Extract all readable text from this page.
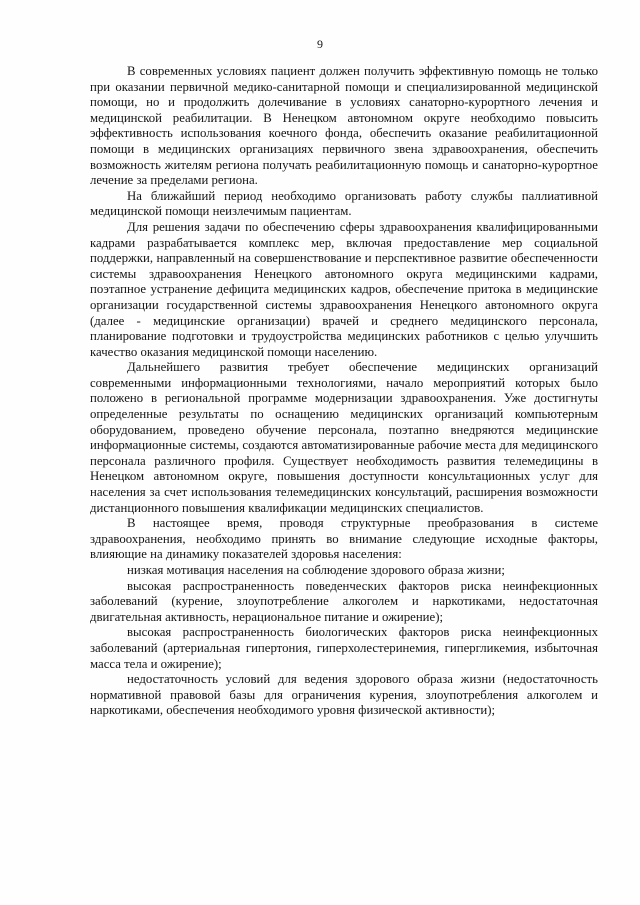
9

В современных условиях пациент должен получить эффективную помощь не только при оказании первичной медико-санитарной помощи и специализированной медицинской помощи, но и продолжить долечивание в условиях санаторно-курортного лечения и медицинской реабилитации. В Ненецком автономном округе необходимо повысить эффективность использования коечного фонда, обеспечить оказание реабилитационной помощи в медицинских организациях первичного звена здравоохранения, обеспечить возможность жителям региона получать реабилитационную помощь и санаторно-курортное лечение за пределами региона.

На ближайший период необходимо организовать работу службы паллиативной медицинской помощи неизлечимым пациентам.

Для решения задачи по обеспечению сферы здравоохранения квалифицированными кадрами разрабатывается комплекс мер, включая предоставление мер социальной поддержки, направленный на совершенствование и перспективное развитие обеспеченности системы здравоохранения Ненецкого автономного округа медицинскими кадрами, поэтапное устранение дефицита медицинских кадров, обеспечение притока в медицинские организации государственной системы здравоохранения Ненецкого автономного округа (далее - медицинские организации) врачей и среднего медицинского персонала, планирование подготовки и трудоустройства медицинских работников с целью улучшить качество оказания медицинской помощи населению.

Дальнейшего развития требует обеспечение медицинских организаций современными информационными технологиями, начало мероприятий которых было положено в региональной программе модернизации здравоохранения. Уже достигнуты определенные результаты по оснащению медицинских организаций компьютерным оборудованием, проведено обучение персонала, поэтапно внедряются медицинские информационные системы, создаются автоматизированные рабочие места для медицинского персонала различного профиля. Существует необходимость развития телемедицины в Ненецком автономном округе, повышения доступности консультационных услуг для населения за счет использования телемедицинских консультаций, расширения возможности дистанционного повышения квалификации медицинских специалистов.

В настоящее время, проводя структурные преобразования в системе здравоохранения, необходимо принять во внимание следующие исходные факторы, влияющие на динамику показателей здоровья населения:

низкая мотивация населения на соблюдение здорового образа жизни;

высокая распространенность поведенческих факторов риска неинфекционных заболеваний (курение, злоупотребление алкоголем и наркотиками, недостаточная двигательная активность, нерациональное питание и ожирение);

высокая распространенность биологических факторов риска неинфекционных заболеваний (артериальная гипертония, гиперхолестеринемия, гипергликемия, избыточная масса тела и ожирение);

недостаточность условий для ведения здорового образа жизни (недостаточность нормативной правовой базы для ограничения курения, злоупотребления алкоголем и наркотиками, обеспечения необходимого уровня физической активности);
